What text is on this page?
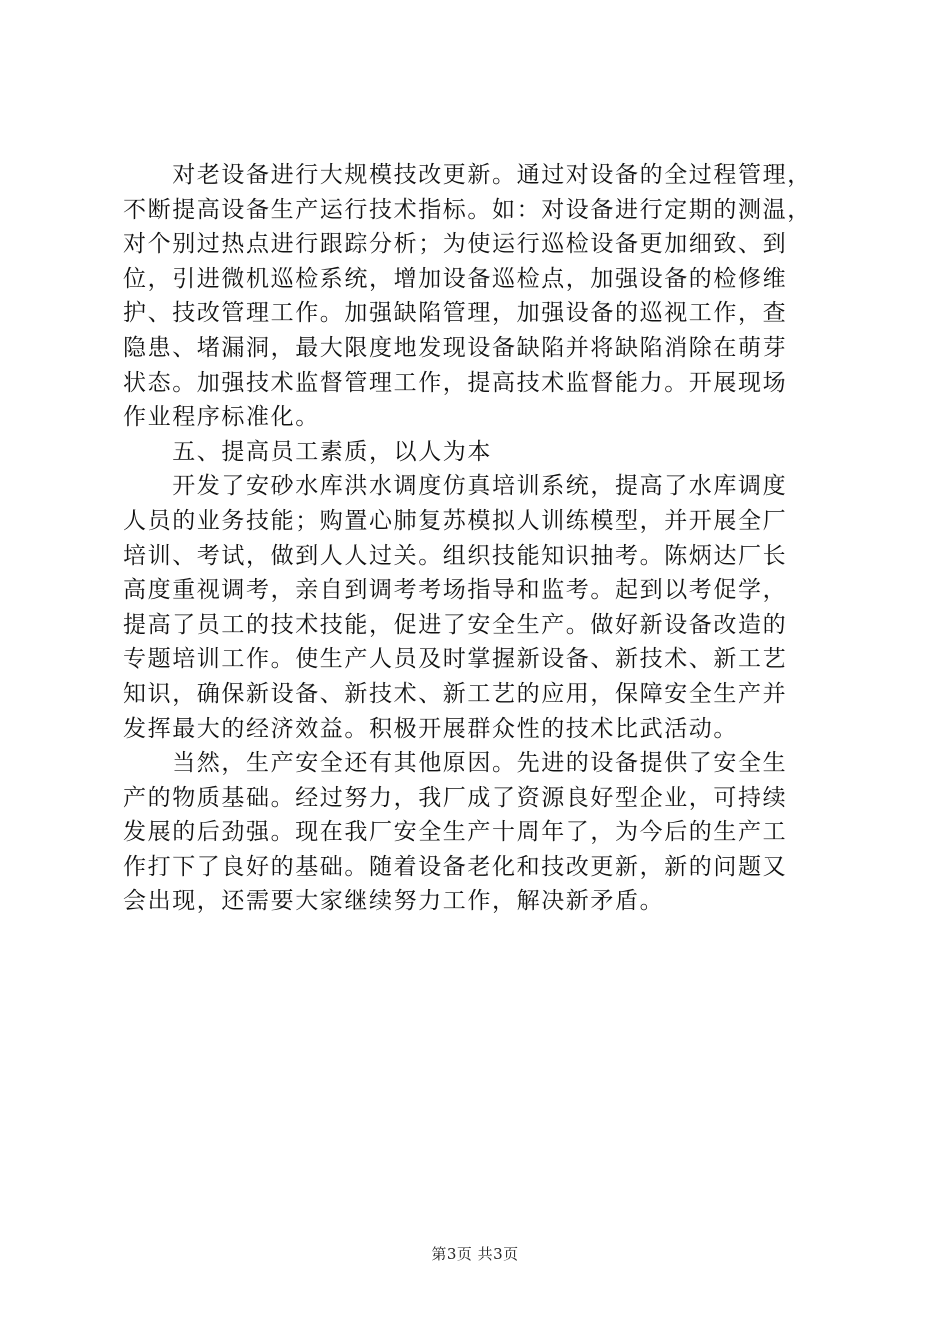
　　对老设备进行大规模技改更新。通过对设备的全过程管理，
不断提高设备生产运行技术指标。如：对设备进行定期的测温，
对个别过热点进行跟踪分析；为使运行巡检设备更加细致、到
位，引进微机巡检系统，增加设备巡检点，加强设备的检修维
护、技改管理工作。加强缺陷管理，加强设备的巡视工作，查
隐患、堵漏洞，最大限度地发现设备缺陷并将缺陷消除在萌芽
状态。加强技术监督管理工作，提高技术监督能力。开展现场
作业程序标准化。
　　五、提高员工素质，以人为本
　　开发了安砂水库洪水调度仿真培训系统，提高了水库调度
人员的业务技能；购置心肺复苏模拟人训练模型，并开展全厂
培训、考试，做到人人过关。组织技能知识抽考。陈炳达厂长
高度重视调考，亲自到调考考场指导和监考。起到以考促学，
提高了员工的技术技能，促进了安全生产。做好新设备改造的
专题培训工作。使生产人员及时掌握新设备、新技术、新工艺
知识，确保新设备、新技术、新工艺的应用，保障安全生产并
发挥最大的经济效益。积极开展群众性的技术比武活动。
　　当然，生产安全还有其他原因。先进的设备提供了安全生
产的物质基础。经过努力，我厂成了资源良好型企业，可持续
发展的后劲强。现在我厂安全生产十周年了，为今后的生产工
作打下了良好的基础。随着设备老化和技改更新，新的问题又
会出现，还需要大家继续努力工作，解决新矛盾。
第3页 共3页
